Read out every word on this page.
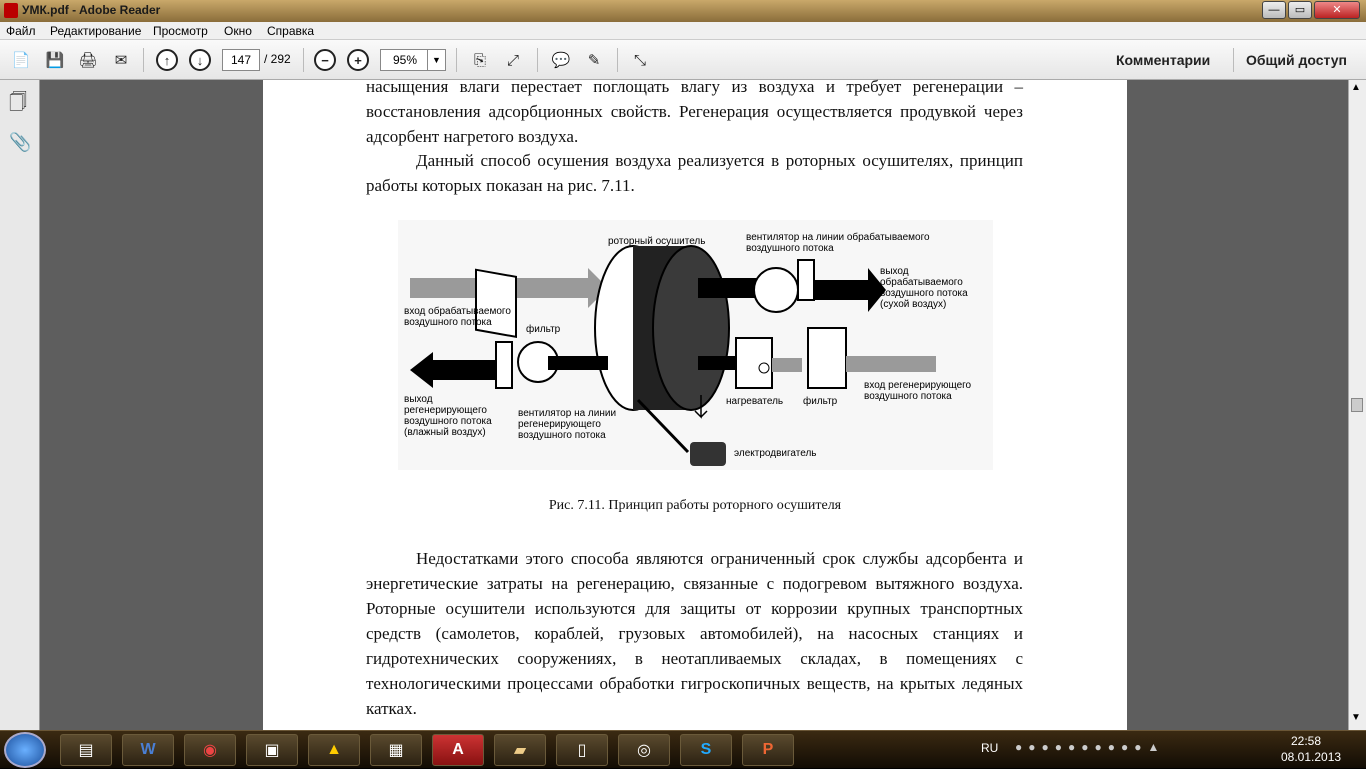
УМК.pdf - Adobe Reader	—	▭	✕
Файл Редактирование Просмотр Окно Справка
📄 💾 🖨	✉	↑	↓	147	/ 292	−	+	95%	▼	⎘	⤢	💬	✎	⤡	Комментарии	Общий доступ
🗍
📎
насыщения влаги перестает поглощать влагу из воздуха и требует регенерации – восстановления адсорбционных свойств. Регенерация осуществляется продувкой через адсорбент нагретого воздуха.

Данный способ осушения воздуха реализуется в роторных осушителях, принцип работы которых показан на рис. 7.11.

роторный осушитель	вентилятор на линии обрабатываемого воздушного потока
выход обрабатываемого воздушного потока (сухой воздух)
вход обрабатываемого воздушного потока
фильтр
выход регенерирующего воздушного потока (влажный воздух)
вентилятор на линии регенерирующего воздушного потока
нагреватель фильтр
вход регенерирующего воздушного потока
электродвигатель
Рис. 7.11. Принцип работы роторного осушителя

Недостатками этого способа являются ограниченный срок службы адсорбента и энергетические затраты на регенерацию, связанные с подогревом вытяжного воздуха. Роторные осушители используются для защиты от коррозии крупных транспортных средств (самолетов, кораблей, грузовых автомобилей), на насосных станциях и гидротехнических сооружениях, в неотапливаемых складах, в помещениях с технологическими процессами обработки гигроскопичных веществ, на крытых ледяных катках.

▲
▼
▤	W	◉	▣	▲	▦	A	▰	▯	◎	S	P	RU ●●●●●●●●●●▲	22:58
08.01.2013
